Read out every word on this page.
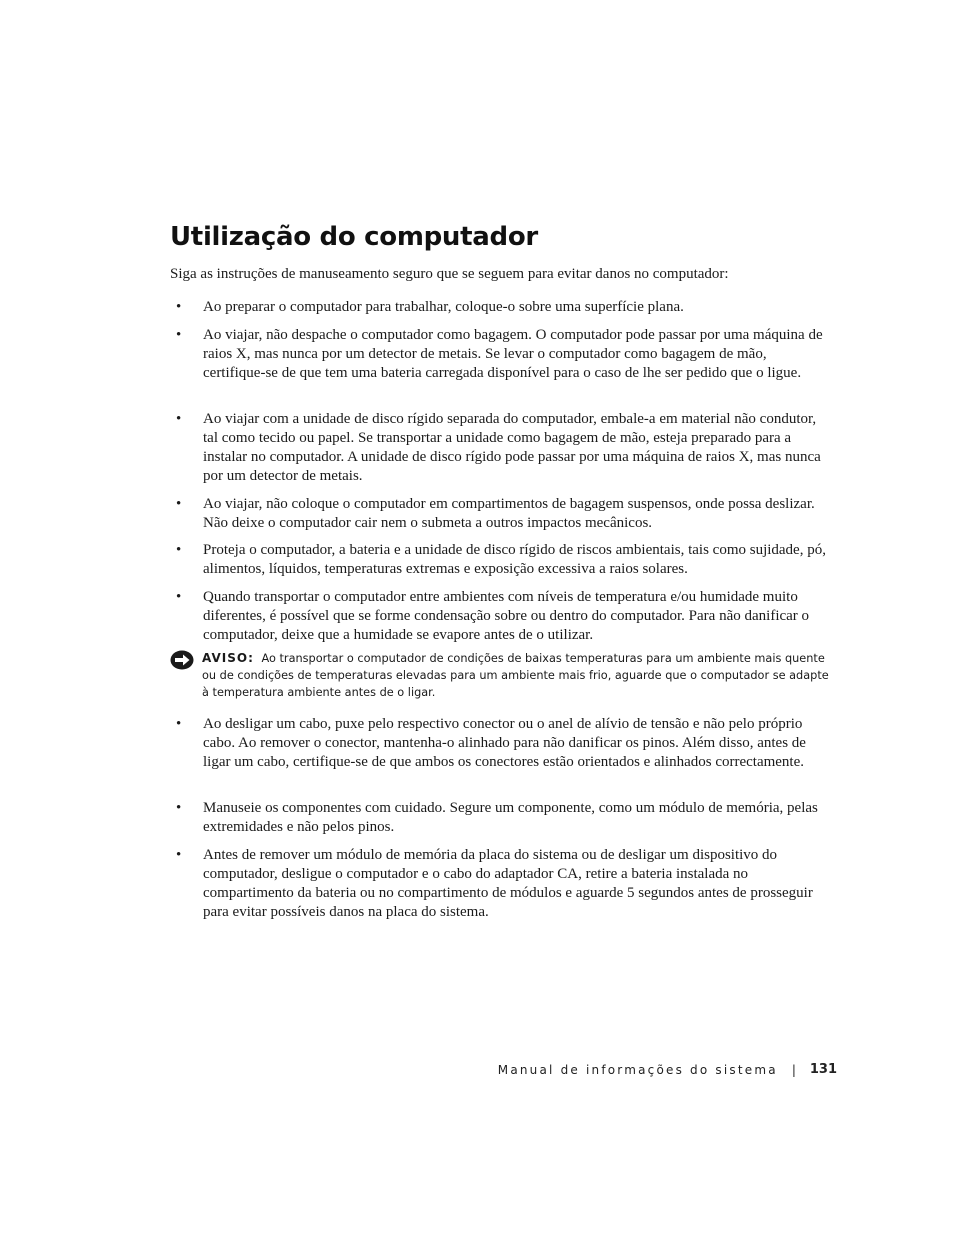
Utilização do computador

Siga as instruções de manuseamento seguro que se seguem para evitar danos no computador:

•	Ao preparar o computador para trabalhar, coloque-o sobre uma superfície plana.
•	Ao viajar, não despache o computador como bagagem. O computador pode passar por uma máquina de raios X, mas nunca por um detector de metais. Se levar o computador como bagagem de mão, certifique-se de que tem uma bateria carregada disponível para o caso de lhe ser pedido que o ligue.
•	Ao viajar com a unidade de disco rígido separada do computador, embale-a em material não condutor, tal como tecido ou papel. Se transportar a unidade como bagagem de mão, esteja preparado para a instalar no computador. A unidade de disco rígido pode passar por uma máquina de raios X, mas nunca por um detector de metais.
•	Ao viajar, não coloque o computador em compartimentos de bagagem suspensos, onde possa deslizar. Não deixe o computador cair nem o submeta a outros impactos mecânicos.
•	Proteja o computador, a bateria e a unidade de disco rígido de riscos ambientais, tais como sujidade, pó, alimentos, líquidos, temperaturas extremas e exposição excessiva a raios solares.
•	Quando transportar o computador entre ambientes com níveis de temperatura e/ou humidade muito diferentes, é possível que se forme condensação sobre ou dentro do computador. Para não danificar o computador, deixe que a humidade se evapore antes de o utilizar.
•	Ao desligar um cabo, puxe pelo respectivo conector ou o anel de alívio de tensão e não pelo próprio cabo. Ao remover o conector, mantenha-o alinhado para não danificar os pinos. Além disso, antes de ligar um cabo, certifique-se de que ambos os conectores estão orientados e alinhados correctamente.
•	Manuseie os componentes com cuidado. Segure um componente, como um módulo de memória, pelas extremidades e não pelos pinos.
•	Antes de remover um módulo de memória da placa do sistema ou de desligar um dispositivo do computador, desligue o computador e o cabo do adaptador CA, retire a bateria instalada no compartimento da bateria ou no compartimento de módulos e aguarde 5 segundos antes de prosseguir para evitar possíveis danos na placa do sistema.
AVISO: Ao transportar o computador de condições de baixas temperaturas para um ambiente mais quente ou de condições de temperaturas elevadas para um ambiente mais frio, aguarde que o computador se adapte à temperatura ambiente antes de o ligar.
Manual de informações do sistema | 131
